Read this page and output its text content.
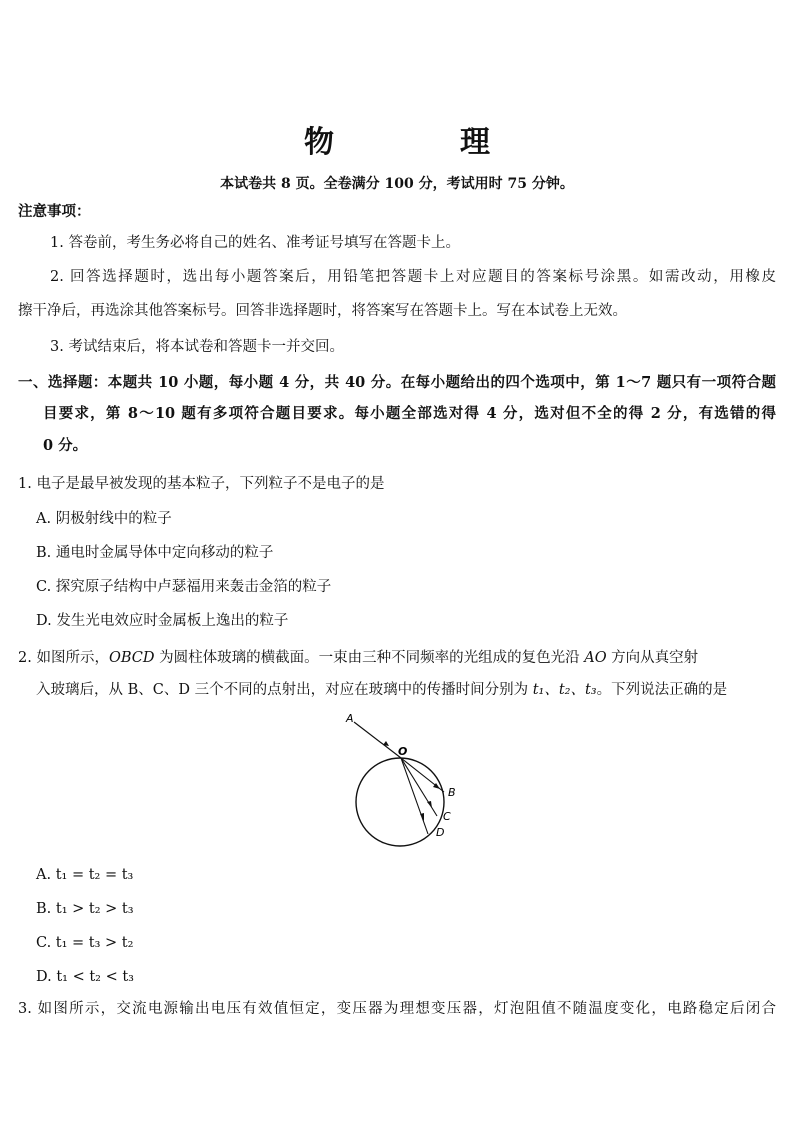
物　理
本试卷共 8 页。全卷满分 100 分，考试用时 75 分钟。
注意事项：
1. 答卷前，考生务必将自己的姓名、准考证号填写在答题卡上。
2. 回答选择题时，选出每小题答案后，用铅笔把答题卡上对应题目的答案标号涂黑。如需改动，用橡皮
擦干净后，再选涂其他答案标号。回答非选择题时，将答案写在答题卡上。写在本试卷上无效。
3. 考试结束后，将本试卷和答题卡一并交回。
一、选择题：本题共 10 小题，每小题 4 分，共 40 分。在每小题给出的四个选项中，第 1～7 题只有一项符合题
目要求，第 8～10 题有多项符合题目要求。每小题全部选对得 4 分，选对但不全的得 2 分，有选错的得
0 分。
1. 电子是最早被发现的基本粒子，下列粒子不是电子的是
A. 阴极射线中的粒子
B. 通电时金属导体中定向移动的粒子
C. 探究原子结构中卢瑟福用来轰击金箔的粒子
D. 发生光电效应时金属板上逸出的粒子
2. 如图所示，OBCD 为圆柱体玻璃的横截面。一束由三种不同频率的光组成的复色光沿 AO 方向从真空射
入玻璃后，从 B、C、D 三个不同的点射出，对应在玻璃中的传播时间分别为 t₁、t₂、t₃。下列说法正确的是
A
O
B
C
D
A. t₁ = t₂ = t₃
B. t₁ > t₂ > t₃
C. t₁ = t₃ > t₂
D. t₁ < t₂ < t₃
3. 如图所示，交流电源输出电压有效值恒定，变压器为理想变压器，灯泡阻值不随温度变化，电路稳定后闭合
